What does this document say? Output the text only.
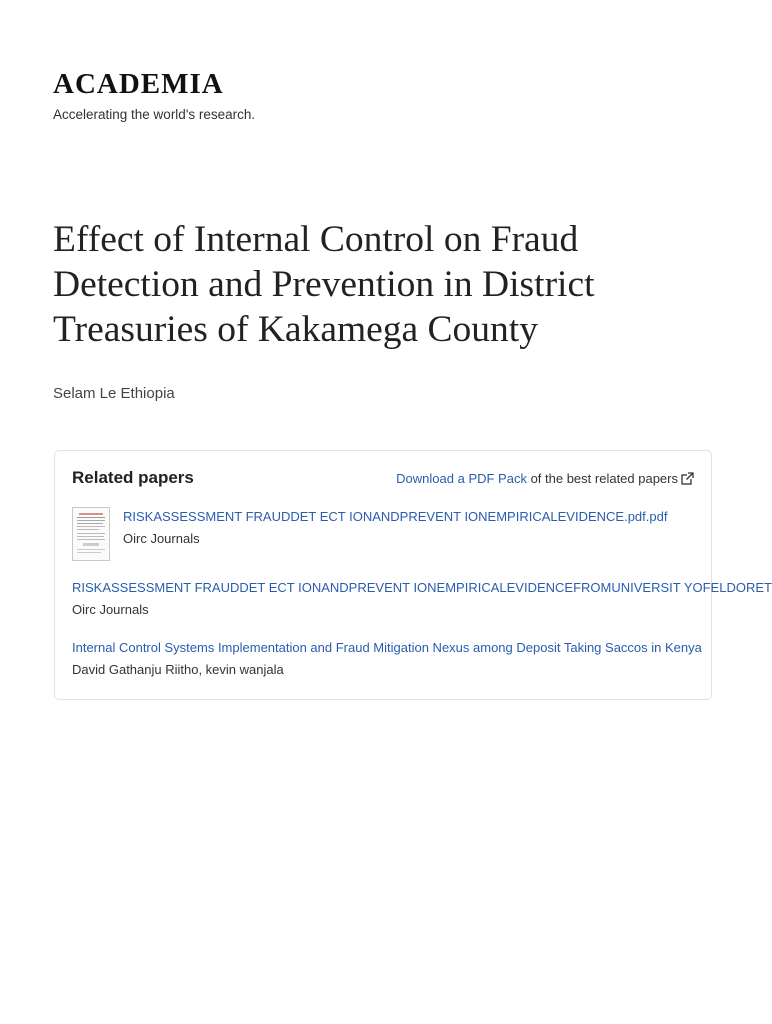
ACADEMIA
Accelerating the world's research.
Effect of Internal Control on Fraud Detection and Prevention in District Treasuries of Kakamega County
Selam Le Ethiopia
Related papers	Download a PDF Pack of the best related papers
RISKASSESSMENT FRAUDDET ECT IONANDPREVENT IONEMPIRICALEVIDENCE.pdf.pdf
Oirc Journals
RISKASSESSMENT FRAUDDET ECT IONANDPREVENT IONEMPIRICALEVIDENCEFROMUNIVERSIT YOFELDORET
Oirc Journals
Internal Control Systems Implementation and Fraud Mitigation Nexus among Deposit Taking Saccos in Kenya
David Gathanju Riitho, kevin wanjala
